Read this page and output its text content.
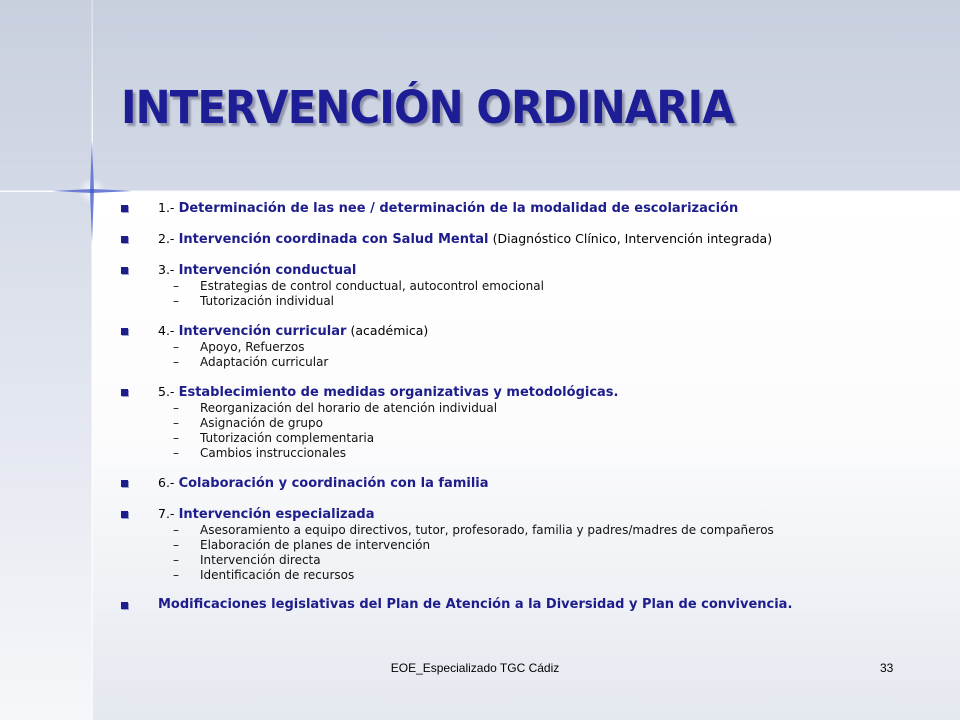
INTERVENCIÓN ORDINARIA
1.- Determinación de las nee / determinación de la modalidad de escolarización
2.- Intervención coordinada con Salud Mental (Diagnóstico Clínico, Intervención integrada)
3.- Intervención conductual
– Estrategias de control conductual, autocontrol emocional
– Tutorización individual
4.- Intervención curricular (académica)
– Apoyo, Refuerzos
– Adaptación curricular
5.- Establecimiento de medidas organizativas y metodológicas.
– Reorganización del horario de atención individual
– Asignación de grupo
– Tutorización complementaria
– Cambios instruccionales
6.- Colaboración y coordinación con la familia
7.- Intervención especializada
– Asesoramiento a equipo directivos, tutor, profesorado, familia y padres/madres de compañeros
– Elaboración de planes de intervención
– Intervención directa
– Identificación de recursos
Modificaciones legislativas del Plan de Atención a la Diversidad y Plan de convivencia.
EOE_Especializado TGC Cádiz	33
